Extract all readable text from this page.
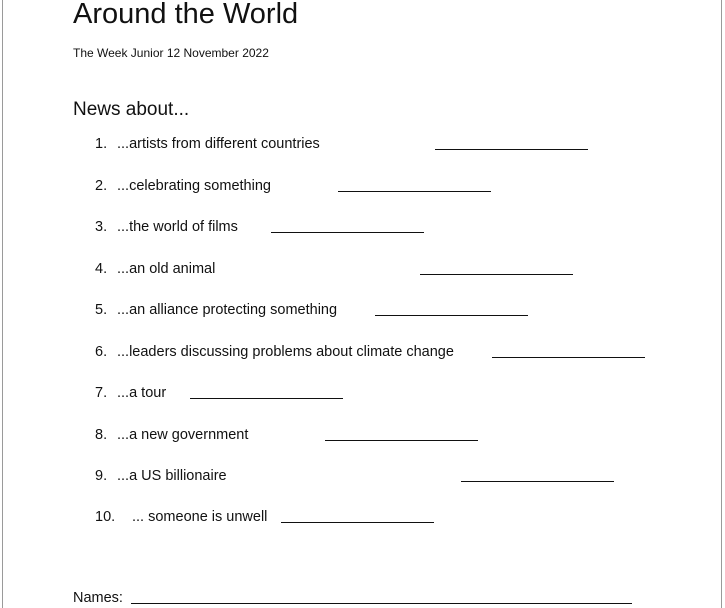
Around the World
The Week Junior 12 November 2022
News about...
1. ...artists from different countries
2. ...celebrating something
3. ...the world of films
4. ...an old animal
5. ...an alliance protecting something
6. ...leaders discussing problems about climate change
7. ...a tour
8. ...a new government
9. ...a US billionaire
10. ... someone is unwell
Names:
